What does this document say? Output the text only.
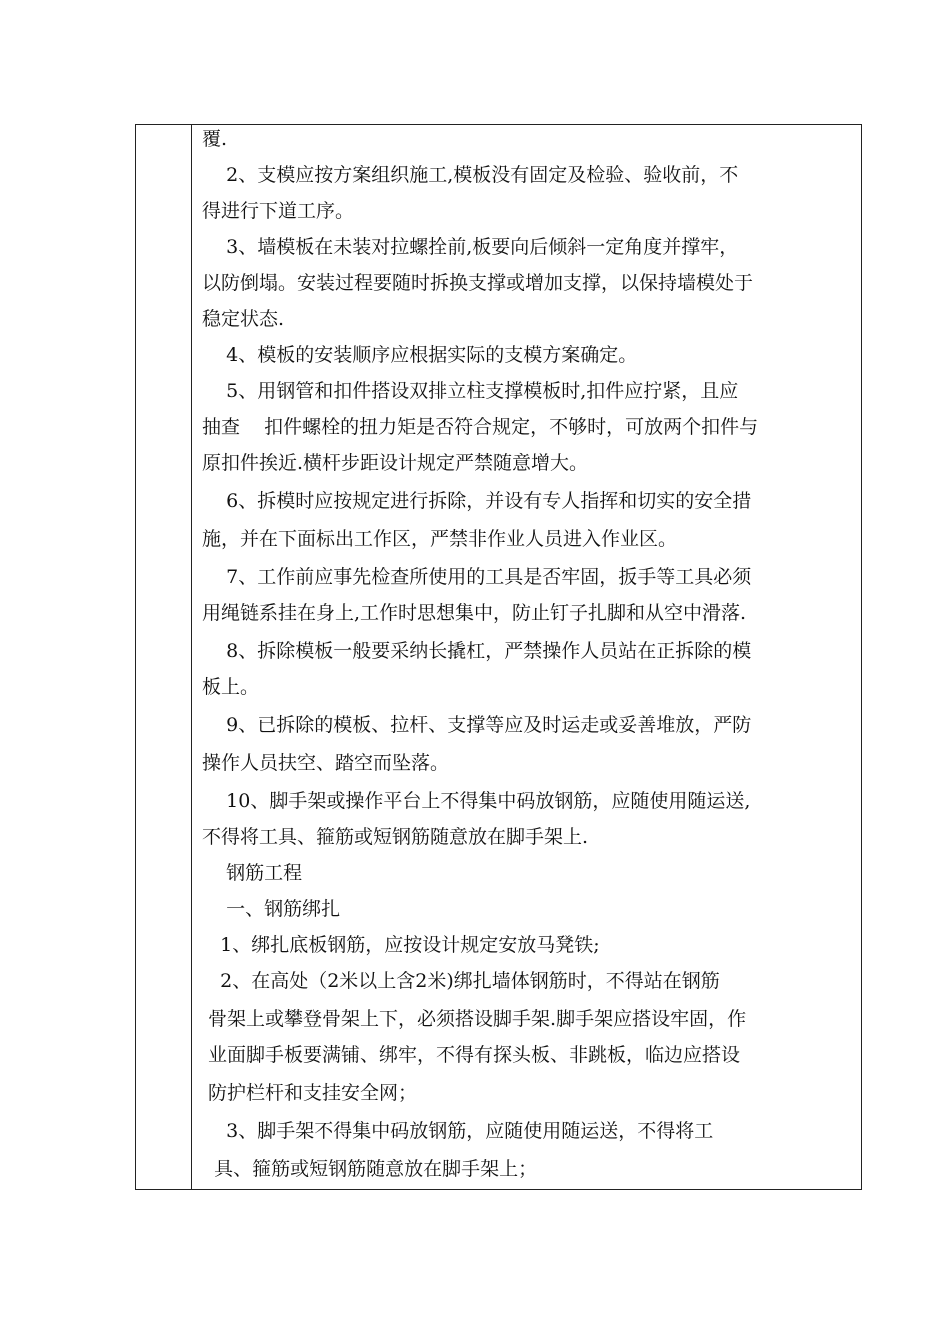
覆.
2、支模应按方案组织施工,模板没有固定及检验、验收前，不
得进行下道工序。
3、墙模板在未装对拉螺拴前,板要向后倾斜一定角度并撑牢，
以防倒塌。安装过程要随时拆换支撑或增加支撑，以保持墙模处于
稳定状态.
4、模板的安装顺序应根据实际的支模方案确定。
5、用钢管和扣件搭设双排立柱支撑模板时,扣件应拧紧，且应
抽查    扣件螺栓的扭力矩是否符合规定，不够时，可放两个扣件与
原扣件挨近.横杆步距设计规定严禁随意增大。
6、拆模时应按规定进行拆除，并设有专人指挥和切实的安全措
施，并在下面标出工作区，严禁非作业人员进入作业区。
7、工作前应事先检查所使用的工具是否牢固，扳手等工具必须
用绳链系挂在身上,工作时思想集中，防止钉子扎脚和从空中滑落.
8、拆除模板一般要采纳长撬杠，严禁操作人员站在正拆除的模
板上。
9、已拆除的模板、拉杆、支撑等应及时运走或妥善堆放，严防
操作人员扶空、踏空而坠落。
10、脚手架或操作平台上不得集中码放钢筋，应随使用随运送,
不得将工具、箍筋或短钢筋随意放在脚手架上.
钢筋工程
一、钢筋绑扎
1、绑扎底板钢筋，应按设计规定安放马凳铁;
2、在高处（2米以上含2米)绑扎墙体钢筋时，不得站在钢筋
骨架上或攀登骨架上下，必须搭设脚手架.脚手架应搭设牢固，作
业面脚手板要满铺、绑牢，不得有探头板、非跳板，临边应搭设
防护栏杆和支挂安全网；
3、脚手架不得集中码放钢筋，应随使用随运送，不得将工
具、箍筋或短钢筋随意放在脚手架上；
